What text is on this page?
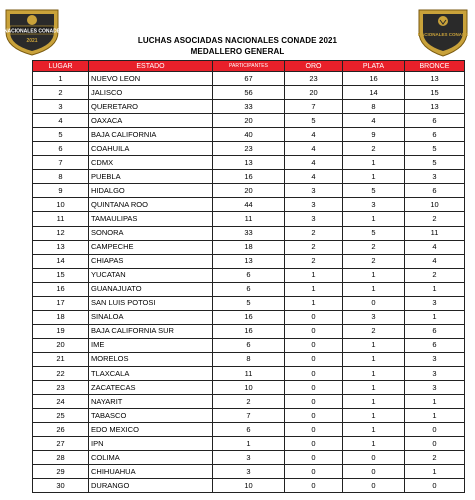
NACIONALES CONADE
2021
NACIONALES CONADE
LUCHAS ASOCIADAS NACIONALES CONADE 2021
MEDALLERO GENERAL
LUGAR	ESTADO	PARTICIPANTES	ORO	PLATA	BRONCE
1	NUEVO LEON	67	23	16	13
2	JALISCO	56	20	14	15
3	QUERETARO	33	7	8	13
4	OAXACA	20	5	4	6
5	BAJA CALIFORNIA	40	4	9	6
6	COAHUILA	23	4	2	5
7	CDMX	13	4	1	5
8	PUEBLA	16	4	1	3
9	HIDALGO	20	3	5	6
10	QUINTANA ROO	44	3	3	10
11	TAMAULIPAS	11	3	1	2
12	SONORA	33	2	5	11
13	CAMPECHE	18	2	2	4
14	CHIAPAS	13	2	2	4
15	YUCATAN	6	1	1	2
16	GUANAJUATO	6	1	1	1
17	SAN LUIS POTOSI	5	1	0	3
18	SINALOA	16	0	3	1
19	BAJA CALIFORNIA SUR	16	0	2	6
20	IME	6	0	1	6
21	MORELOS	8	0	1	3
22	TLAXCALA	11	0	1	3
23	ZACATECAS	10	0	1	3
24	NAYARIT	2	0	1	1
25	TABASCO	7	0	1	1
26	EDO MEXICO	6	0	1	0
27	IPN	1	0	1	0
28	COLIMA	3	0	0	2
29	CHIHUAHUA	3	0	0	1
30	DURANGO	10	0	0	0
